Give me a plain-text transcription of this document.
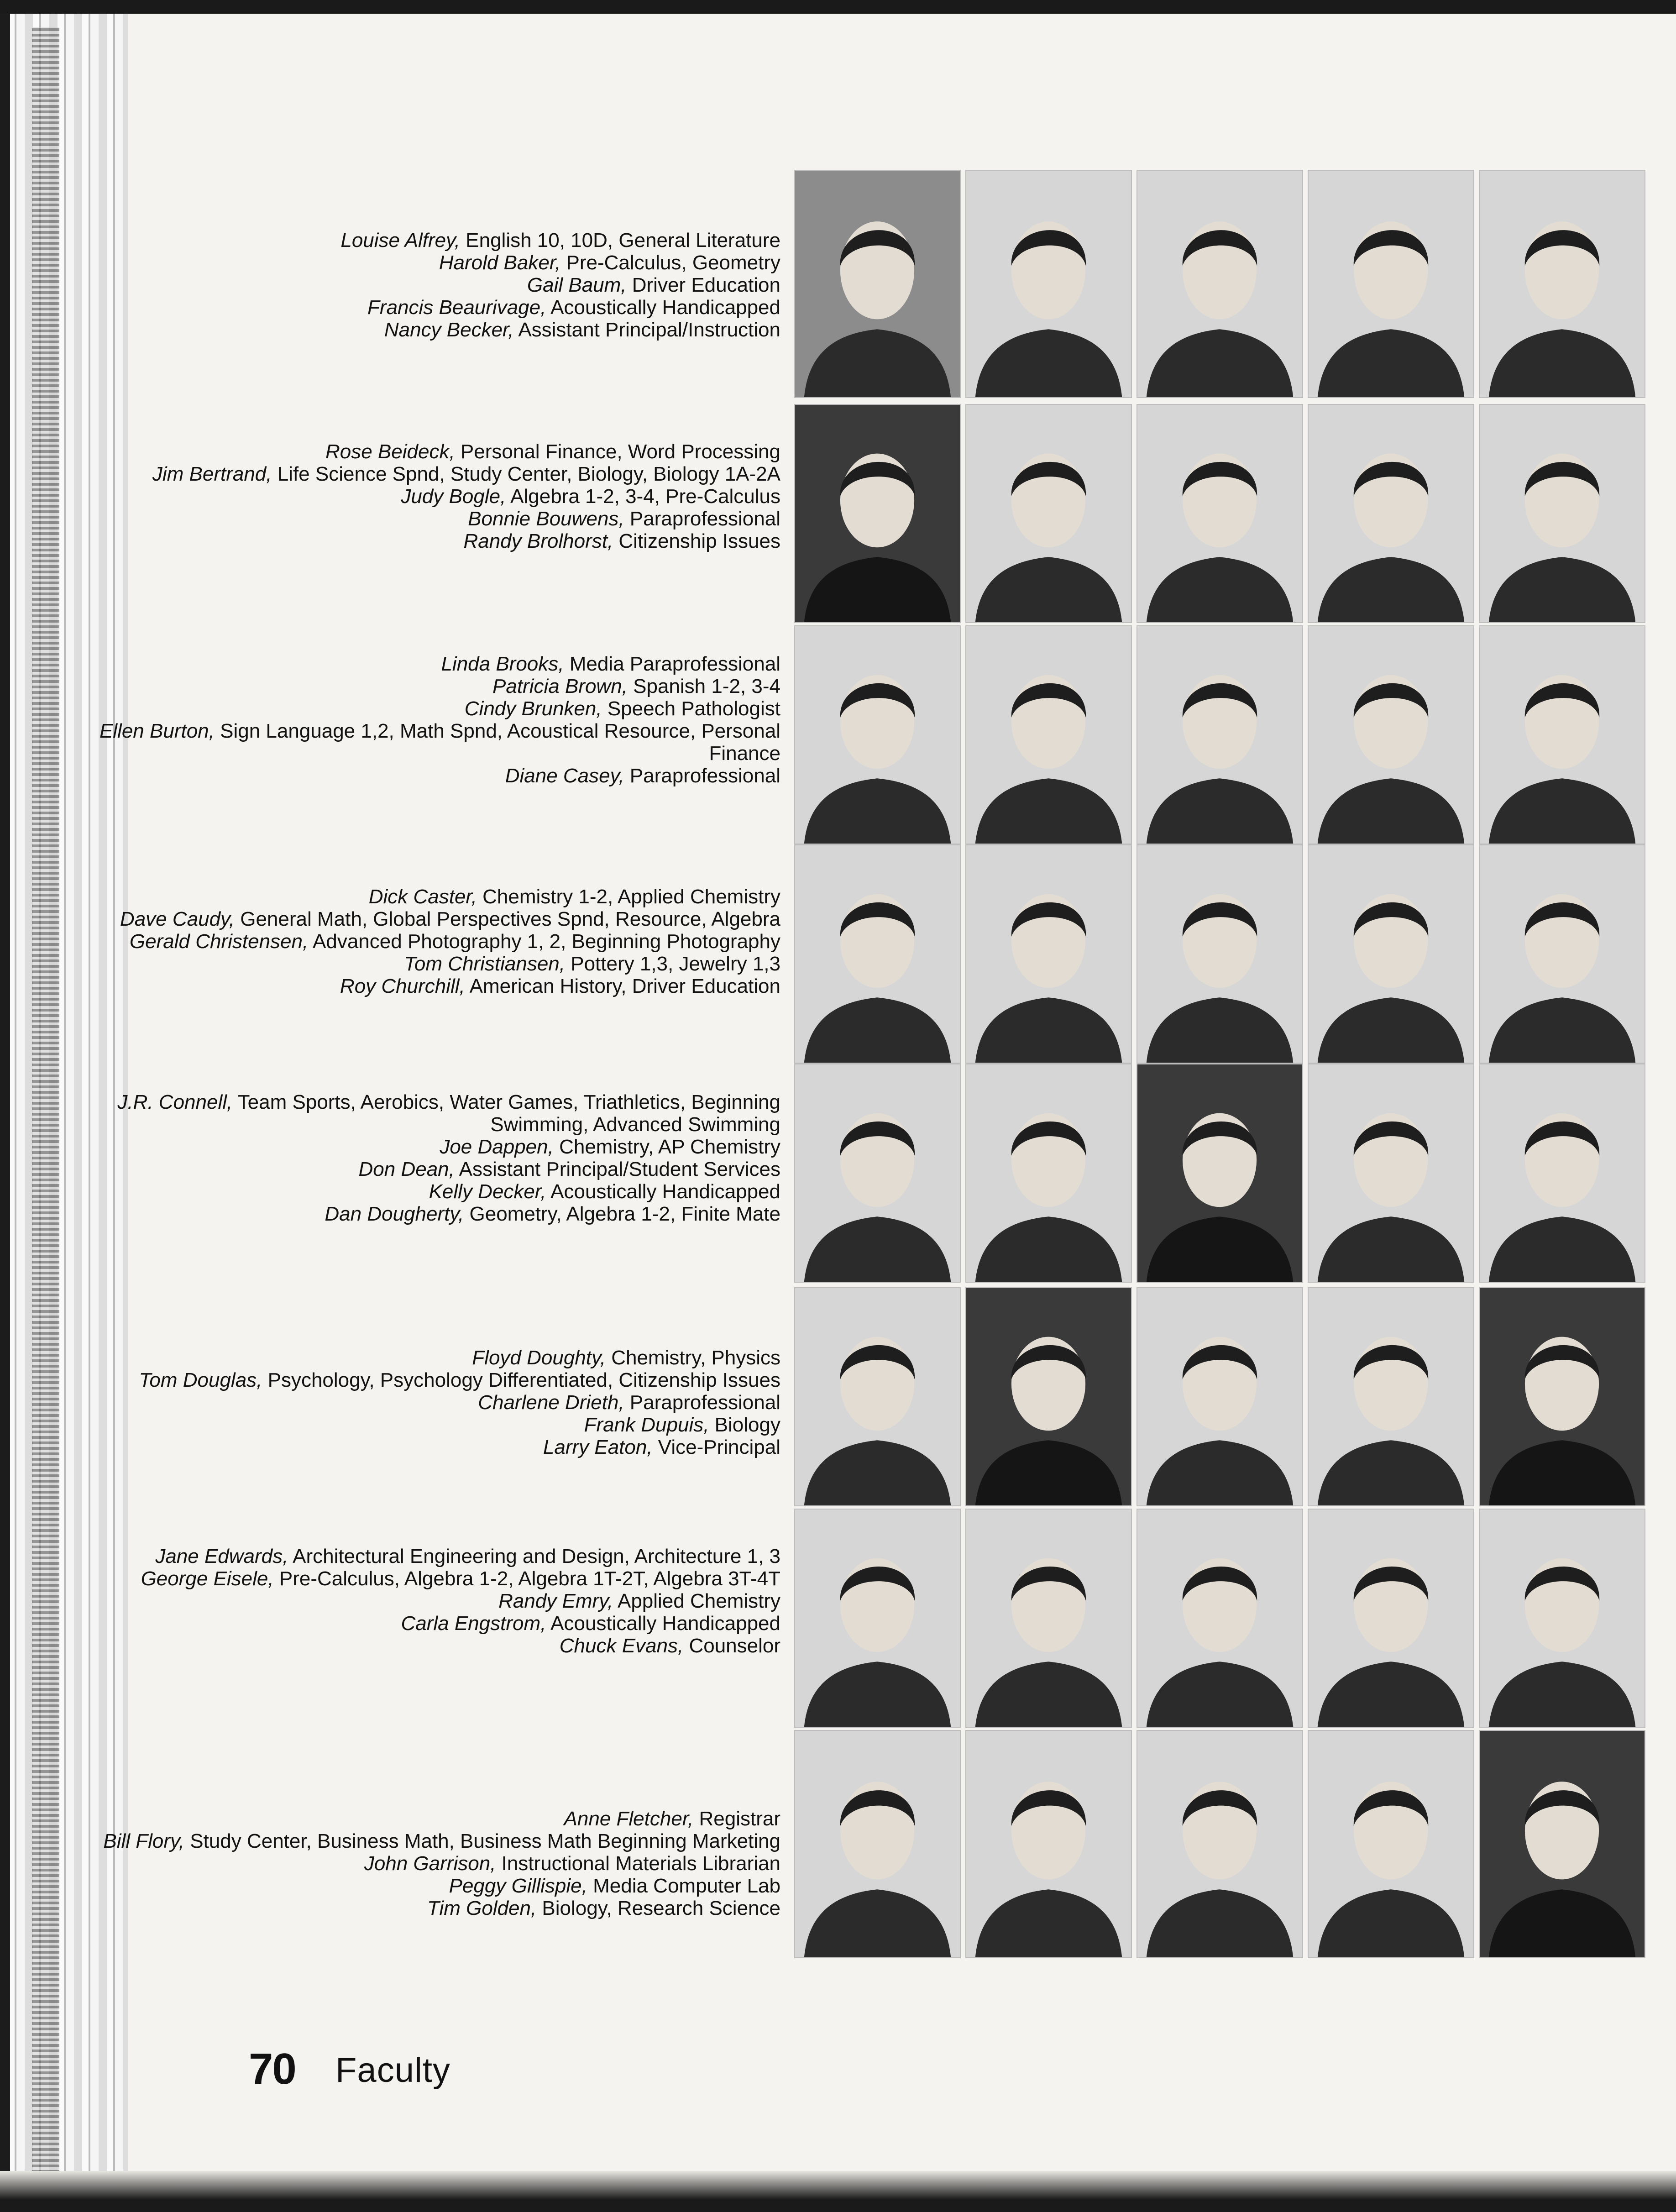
Louise Alfrey, English 10, 10D, General Literature

Harold Baker, Pre-Calculus, Geometry

Gail Baum, Driver Education

Francis Beaurivage, Acoustically Handicapped

Nancy Becker, Assistant Principal/Instruction

Rose Beideck, Personal Finance, Word Processing

Jim Bertrand, Life Science Spnd, Study Center, Biology, Biology 1A-2A

Judy Bogle, Algebra 1-2, 3-4, Pre-Calculus

Bonnie Bouwens, Paraprofessional

Randy Brolhorst, Citizenship Issues

Linda Brooks, Media Paraprofessional

Patricia Brown, Spanish 1-2, 3-4

Cindy Brunken, Speech Pathologist

Ellen Burton, Sign Language 1,2, Math Spnd, Acoustical Resource, Personal Finance

Diane Casey, Paraprofessional

Dick Caster, Chemistry 1-2, Applied Chemistry

Dave Caudy, General Math, Global Perspectives Spnd, Resource, Algebra

Gerald Christensen, Advanced Photography 1, 2, Beginning Photography

Tom Christiansen, Pottery 1,3, Jewelry 1,3

Roy Churchill, American History, Driver Education

J.R. Connell, Team Sports, Aerobics, Water Games, Triathletics, Beginning Swimming, Advanced Swimming

Joe Dappen, Chemistry, AP Chemistry

Don Dean, Assistant Principal/Student Services

Kelly Decker, Acoustically Handicapped

Dan Dougherty, Geometry, Algebra 1-2, Finite Mate

Floyd Doughty, Chemistry, Physics

Tom Douglas, Psychology, Psychology Differentiated, Citizenship Issues

Charlene Drieth, Paraprofessional

Frank Dupuis, Biology

Larry Eaton, Vice-Principal

Jane Edwards, Architectural Engineering and Design, Architecture 1, 3

George Eisele, Pre-Calculus, Algebra 1-2, Algebra 1T-2T, Algebra 3T-4T

Randy Emry, Applied Chemistry

Carla Engstrom, Acoustically Handicapped

Chuck Evans, Counselor

Anne Fletcher, Registrar

Bill Flory, Study Center, Business Math, Business Math Beginning Marketing

John Garrison, Instructional Materials Librarian

Peggy Gillispie, Media Computer Lab

Tim Golden, Biology, Research Science

70 Faculty
